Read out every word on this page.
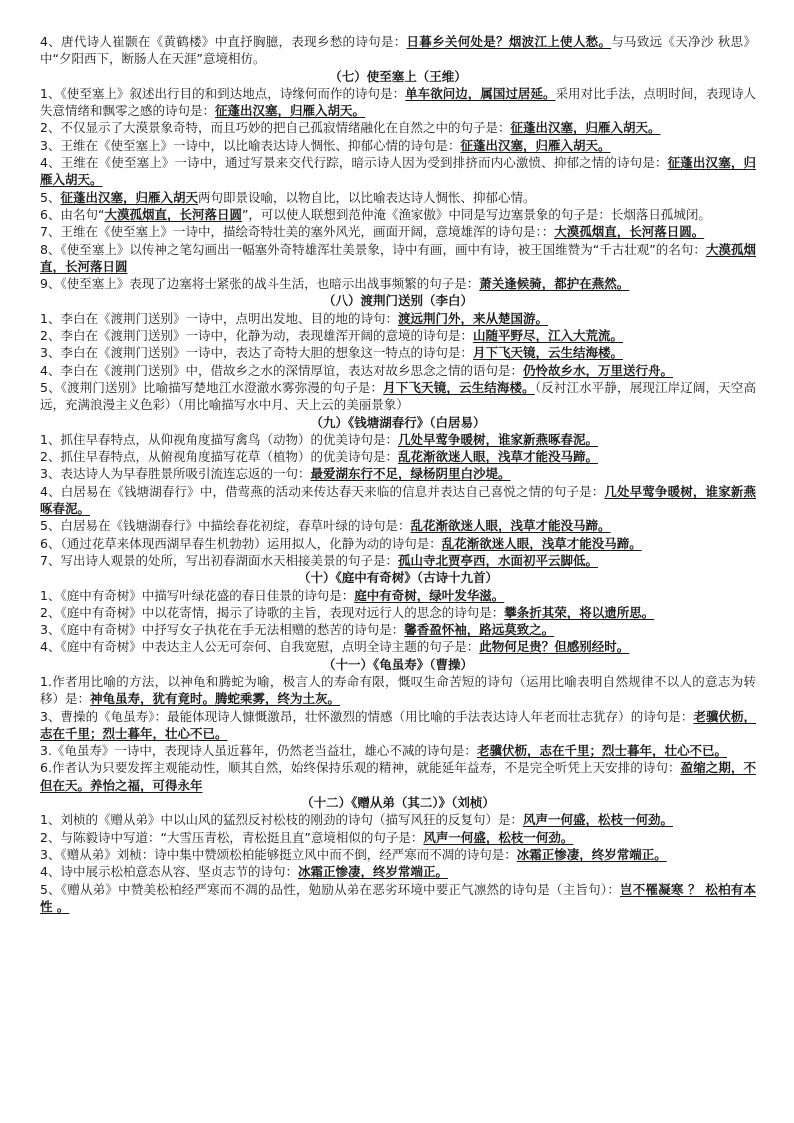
4、唐代诗人崔颢在《黄鹤楼》中直抒胸臆，表现乡愁的诗句是：日暮乡关何处是？烟波江上使人愁。与马致远《天净沙 秋思》中“夕阳西下，断肠人在天涯”意境相仿。

（七）使至塞上（王维）

1、《使至塞上》叙述出行目的和到达地点，诗缘何而作的诗句是：单车欲问边，属国过居延。采用对比手法，点明时间，表现诗人失意情绪和飘零之感的诗句是：征蓬出汉塞，归雁入胡天。

2、不仅显示了大漠景象奇特，而且巧妙的把自己孤寂情绪融化在自然之中的句子是：征蓬出汉塞，归雁入胡天。

3、王维在《使至塞上》一诗中，以比喻表达诗人惆怅、抑郁心情的诗句是：征蓬出汉塞，归雁入胡天。

4、王维在《使至塞上》一诗中，通过写景来交代行踪，暗示诗人因为受到排挤而内心激愤、抑郁之情的诗句是：征蓬出汉塞，归雁入胡天。

5、征蓬出汉塞，归雁入胡天两句即景设喻，以物自比，以比喻表达诗人惆怅、抑郁心情。

6、由名句“大漠孤烟直，长河落日圆”，可以使人联想到范仲淹《渔家傲》中同是写边塞景象的句子是：长烟落日孤城闭。

7、王维在《使至塞上》一诗中，描绘奇特壮美的塞外风光，画面开阔，意境雄浑的诗句是：：大漠孤烟直，长河落日圆。

8、《使至塞上》以传神之笔勾画出一幅塞外奇特雄浑壮美景象，诗中有画，画中有诗，被王国维赞为“千古壮观”的名句：大漠孤烟直，长河落日圆

9、《使至塞上》表现了边塞将士紧张的战斗生活，也暗示出战事频繁的句子是：萧关逢候骑，都护在燕然。

（八）渡荆门送别（李白）

1、李白在《渡荆门送别》一诗中，点明出发地、目的地的诗句：渡远荆门外，来从楚国游。

2、李白在《渡荆门送别》一诗中，化静为动，表现雄浑开阔的意境的诗句是：山随平野尽，江入大荒流。

3、李白在《渡荆门送别》一诗中，表达了奇特大胆的想象这一特点的诗句是：月下飞天镜，云生结海楼。

4、李白在《渡荆门送别》中，借故乡之水的深情厚谊，表达对故乡思念之情的语句是：仍怜故乡水，万里送行舟。

5、《渡荆门送别》比喻描写楚地江水澄澈水雾弥漫的句子是：月下飞天镜，云生结海楼。（反衬江水平静，展现江岸辽阔，天空高远，充满浪漫主义色彩）（用比喻描写水中月、天上云的美丽景象）

（九）《钱塘湖春行》（白居易）

1、抓住早春特点，从仰视角度描写禽鸟（动物）的优美诗句是：几处早莺争暖树，谁家新燕啄春泥。

2、抓住早春特点，从俯视角度描写花草（植物）的优美诗句是：乱花渐欲迷人眼，浅草才能没马蹄。

3、表达诗人为早春胜景所吸引流连忘返的一句：最爱湖东行不足，绿杨阴里白沙堤。

4、白居易在《钱塘湖春行》中，借莺燕的活动来传达春天来临的信息并表达自己喜悦之情的句子是：几处早莺争暖树，谁家新燕啄春泥。

5、白居易在《钱塘湖春行》中描绘春花初绽，春草叶绿的诗句是：乱花渐欲迷人眼，浅草才能没马蹄。

6、（通过花草来体现西湖早春生机勃勃）运用拟人，化静为动的诗句是：乱花渐欲迷人眼，浅草才能没马蹄。

7、写出诗人观景的处所，写出初春湖面水天相接美景的句子是：孤山寺北贾亭西，水面初平云脚低。

（十）《庭中有奇树》（古诗十九首）

1、《庭中有奇树》中描写叶绿花盛的春日佳景的诗句是：庭中有奇树，绿叶发华滋。

2、《庭中有奇树》中以花寄情，揭示了诗歌的主旨，表现对远行人的思念的诗句是：攀条折其荣，将以遗所思。

3、《庭中有奇树》中抒写女子执花在手无法相赠的愁苦的诗句是：馨香盈怀袖，路远莫致之。

4、《庭中有奇树》中表达主人公无可奈何、自我宽慰，点明全诗主题的句子是：此物何足贵？但感别经时。

（十一）《龟虽寿》（曹操）

1.作者用比喻的方法，以神龟和腾蛇为喻，极言人的寿命有限，慨叹生命苦短的诗句（运用比喻表明自然规律不以人的意志为转移）是：神龟虽寿，犹有竟时。腾蛇乘雾，终为土灰。

3、曹操的《龟虽寿》：最能体现诗人慷慨激昂，壮怀激烈的情感（用比喻的手法表达诗人年老而壮志犹存）的诗句是：老骥伏枥，志在千里；烈士暮年，壮心不已。

3.《龟虽寿》一诗中，表现诗人虽近暮年，仍然老当益壮，雄心不减的诗句是：老骥伏枥，志在千里；烈士暮年，壮心不已。

6.作者认为只要发挥主观能动性，顺其自然，始终保持乐观的精神，就能延年益寿，不是完全听凭上天安排的诗句：盈缩之期，不但在天。养怡之福，可得永年

（十二）《赠从弟（其二）》（刘桢）

1、刘桢的《赠从弟》中以山风的猛烈反衬松枝的刚劲的诗句（描写风狂的反复句）是：风声一何盛，松枝一何劲。

2、与陈毅诗中写道：“大雪压青松，青松挺且直”意境相似的句子是：风声一何盛，松枝一何劲。

3、《赠从弟》刘桢：诗中集中赞颂松柏能够挺立风中而不倒，经严寒而不凋的诗句是：冰霜正惨凄，终岁常端正。

4、诗中展示松柏意态从容、坚贞志节的诗句：冰霜正惨凄，终岁常端正。

5、《赠从弟》中赞美松柏经严寒而不凋的品性，勉励从弟在恶劣环境中要正气凛然的诗句是（主旨句）：岂不罹凝寒 ？ 松柏有本性 。
